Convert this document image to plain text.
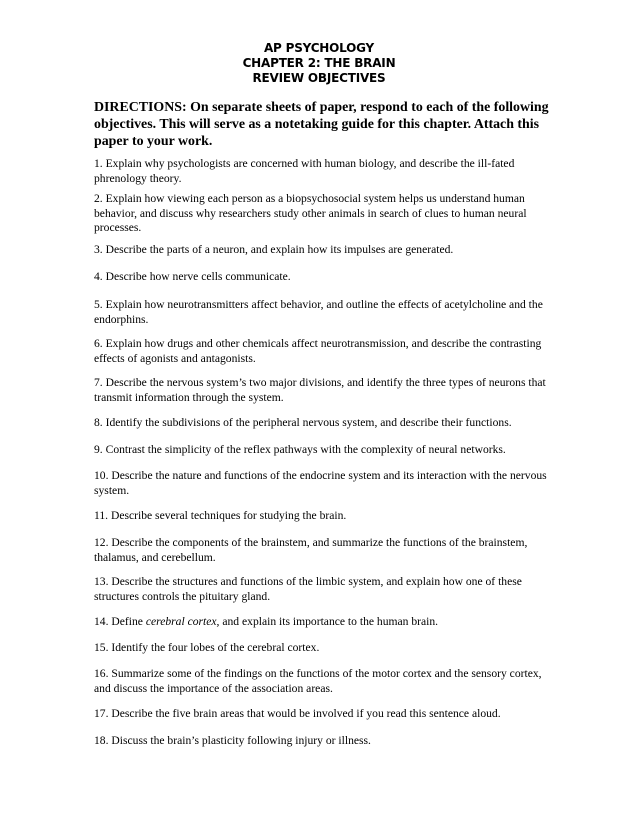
AP PSYCHOLOGY
CHAPTER 2: THE BRAIN
REVIEW OBJECTIVES
DIRECTIONS: On separate sheets of paper, respond to each of the following objectives. This will serve as a notetaking guide for this chapter. Attach this paper to your work.
1. Explain why psychologists are concerned with human biology, and describe the ill-fated phrenology theory.
2. Explain how viewing each person as a biopsychosocial system helps us understand human behavior, and discuss why researchers study other animals in search of clues to human neural processes.
3. Describe the parts of a neuron, and explain how its impulses are generated.
4. Describe how nerve cells communicate.
5. Explain how neurotransmitters affect behavior, and outline the effects of acetylcholine and the endorphins.
6. Explain how drugs and other chemicals affect neurotransmission, and describe the contrasting effects of agonists and antagonists.
7. Describe the nervous system’s two major divisions, and identify the three types of neurons that transmit information through the system.
8. Identify the subdivisions of the peripheral nervous system, and describe their functions.
9. Contrast the simplicity of the reflex pathways with the complexity of neural networks.
10. Describe the nature and functions of the endocrine system and its interaction with the nervous system.
11. Describe several techniques for studying the brain.
12. Describe the components of the brainstem, and summarize the functions of the brainstem, thalamus, and cerebellum.
13. Describe the structures and functions of the limbic system, and explain how one of these structures controls the pituitary gland.
14. Define cerebral cortex, and explain its importance to the human brain.
15. Identify the four lobes of the cerebral cortex.
16. Summarize some of the findings on the functions of the motor cortex and the sensory cortex, and discuss the importance of the association areas.
17. Describe the five brain areas that would be involved if you read this sentence aloud.
18. Discuss the brain’s plasticity following injury or illness.
